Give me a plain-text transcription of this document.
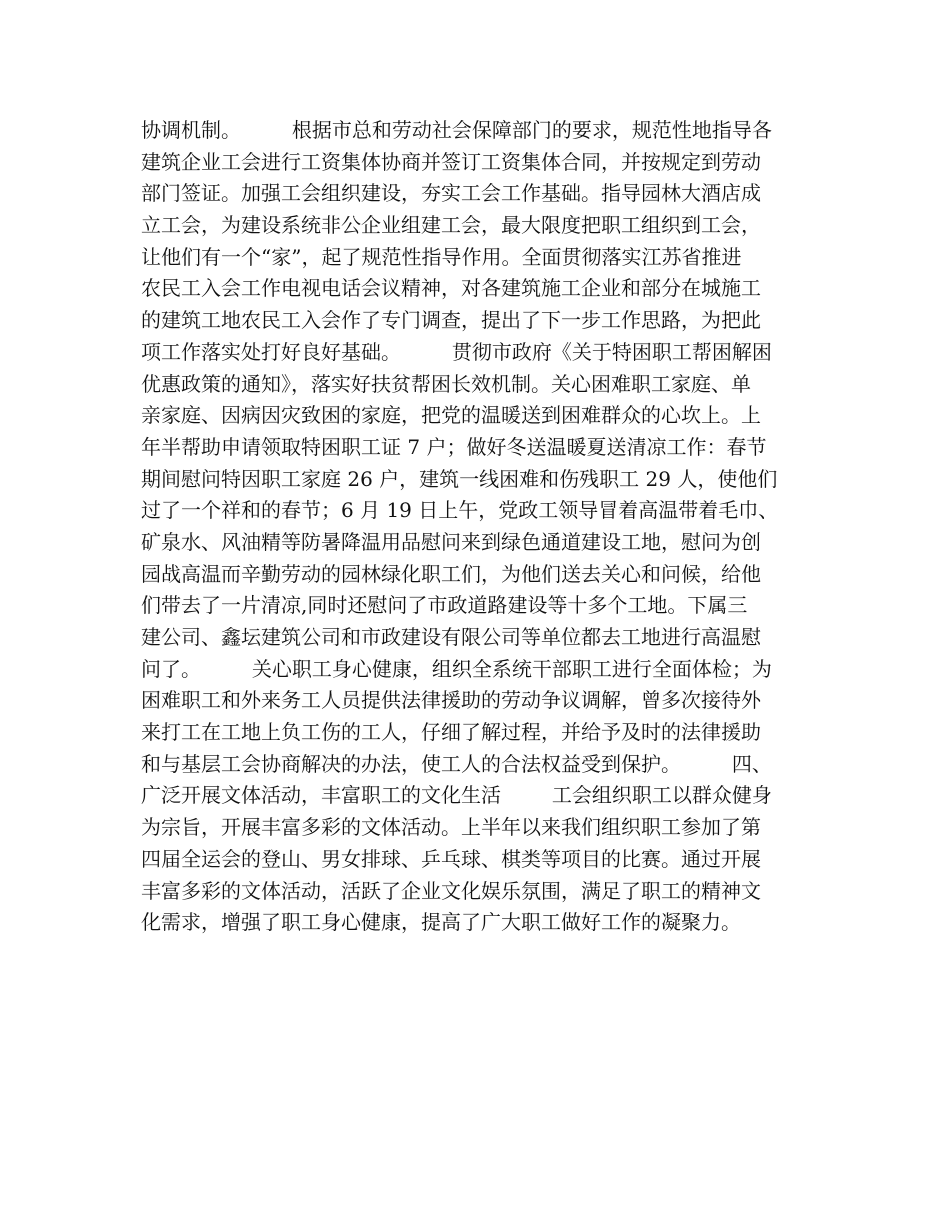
协调机制。        根据市总和劳动社会保障部门的要求，规范性地指导各
建筑企业工会进行工资集体协商并签订工资集体合同，并按规定到劳动
部门签证。加强工会组织建设，夯实工会工作基础。指导园林大酒店成
立工会，为建设系统非公企业组建工会，最大限度把职工组织到工会，
让他们有一个“家”，起了规范性指导作用。全面贯彻落实江苏省推进
农民工入会工作电视电话会议精神，对各建筑施工企业和部分在城施工
的建筑工地农民工入会作了专门调查，提出了下一步工作思路，为把此
项工作落实处打好良好基础。        贯彻市政府《关于特困职工帮困解困
优惠政策的通知》，落实好扶贫帮困长效机制。关心困难职工家庭、单
亲家庭、因病因灾致困的家庭，把党的温暖送到困难群众的心坎上。上
年半帮助申请领取特困职工证 7 户；做好冬送温暖夏送清凉工作：春节
期间慰问特因职工家庭 26 户，建筑一线困难和伤残职工 29 人，使他们
过了一个祥和的春节；6 月 19 日上午，党政工领导冒着高温带着毛巾、
矿泉水、风油精等防暑降温用品慰问来到绿色通道建设工地，慰问为创
园战高温而辛勤劳动的园林绿化职工们，为他们送去关心和问候，给他
们带去了一片清凉,同时还慰问了市政道路建设等十多个工地。下属三
建公司、鑫坛建筑公司和市政建设有限公司等单位都去工地进行高温慰
问了。        关心职工身心健康，组织全系统干部职工进行全面体检；为
困难职工和外来务工人员提供法律援助的劳动争议调解，曾多次接待外
来打工在工地上负工伤的工人，仔细了解过程，并给予及时的法律援助
和与基层工会协商解决的办法，使工人的合法权益受到保护。        四、
广泛开展文体活动，丰富职工的文化生活        工会组织职工以群众健身
为宗旨，开展丰富多彩的文体活动。上半年以来我们组织职工参加了第
四届全运会的登山、男女排球、乒乓球、棋类等项目的比赛。通过开展
丰富多彩的文体活动，活跃了企业文化娱乐氛围，满足了职工的精神文
化需求，增强了职工身心健康，提高了广大职工做好工作的凝聚力。
